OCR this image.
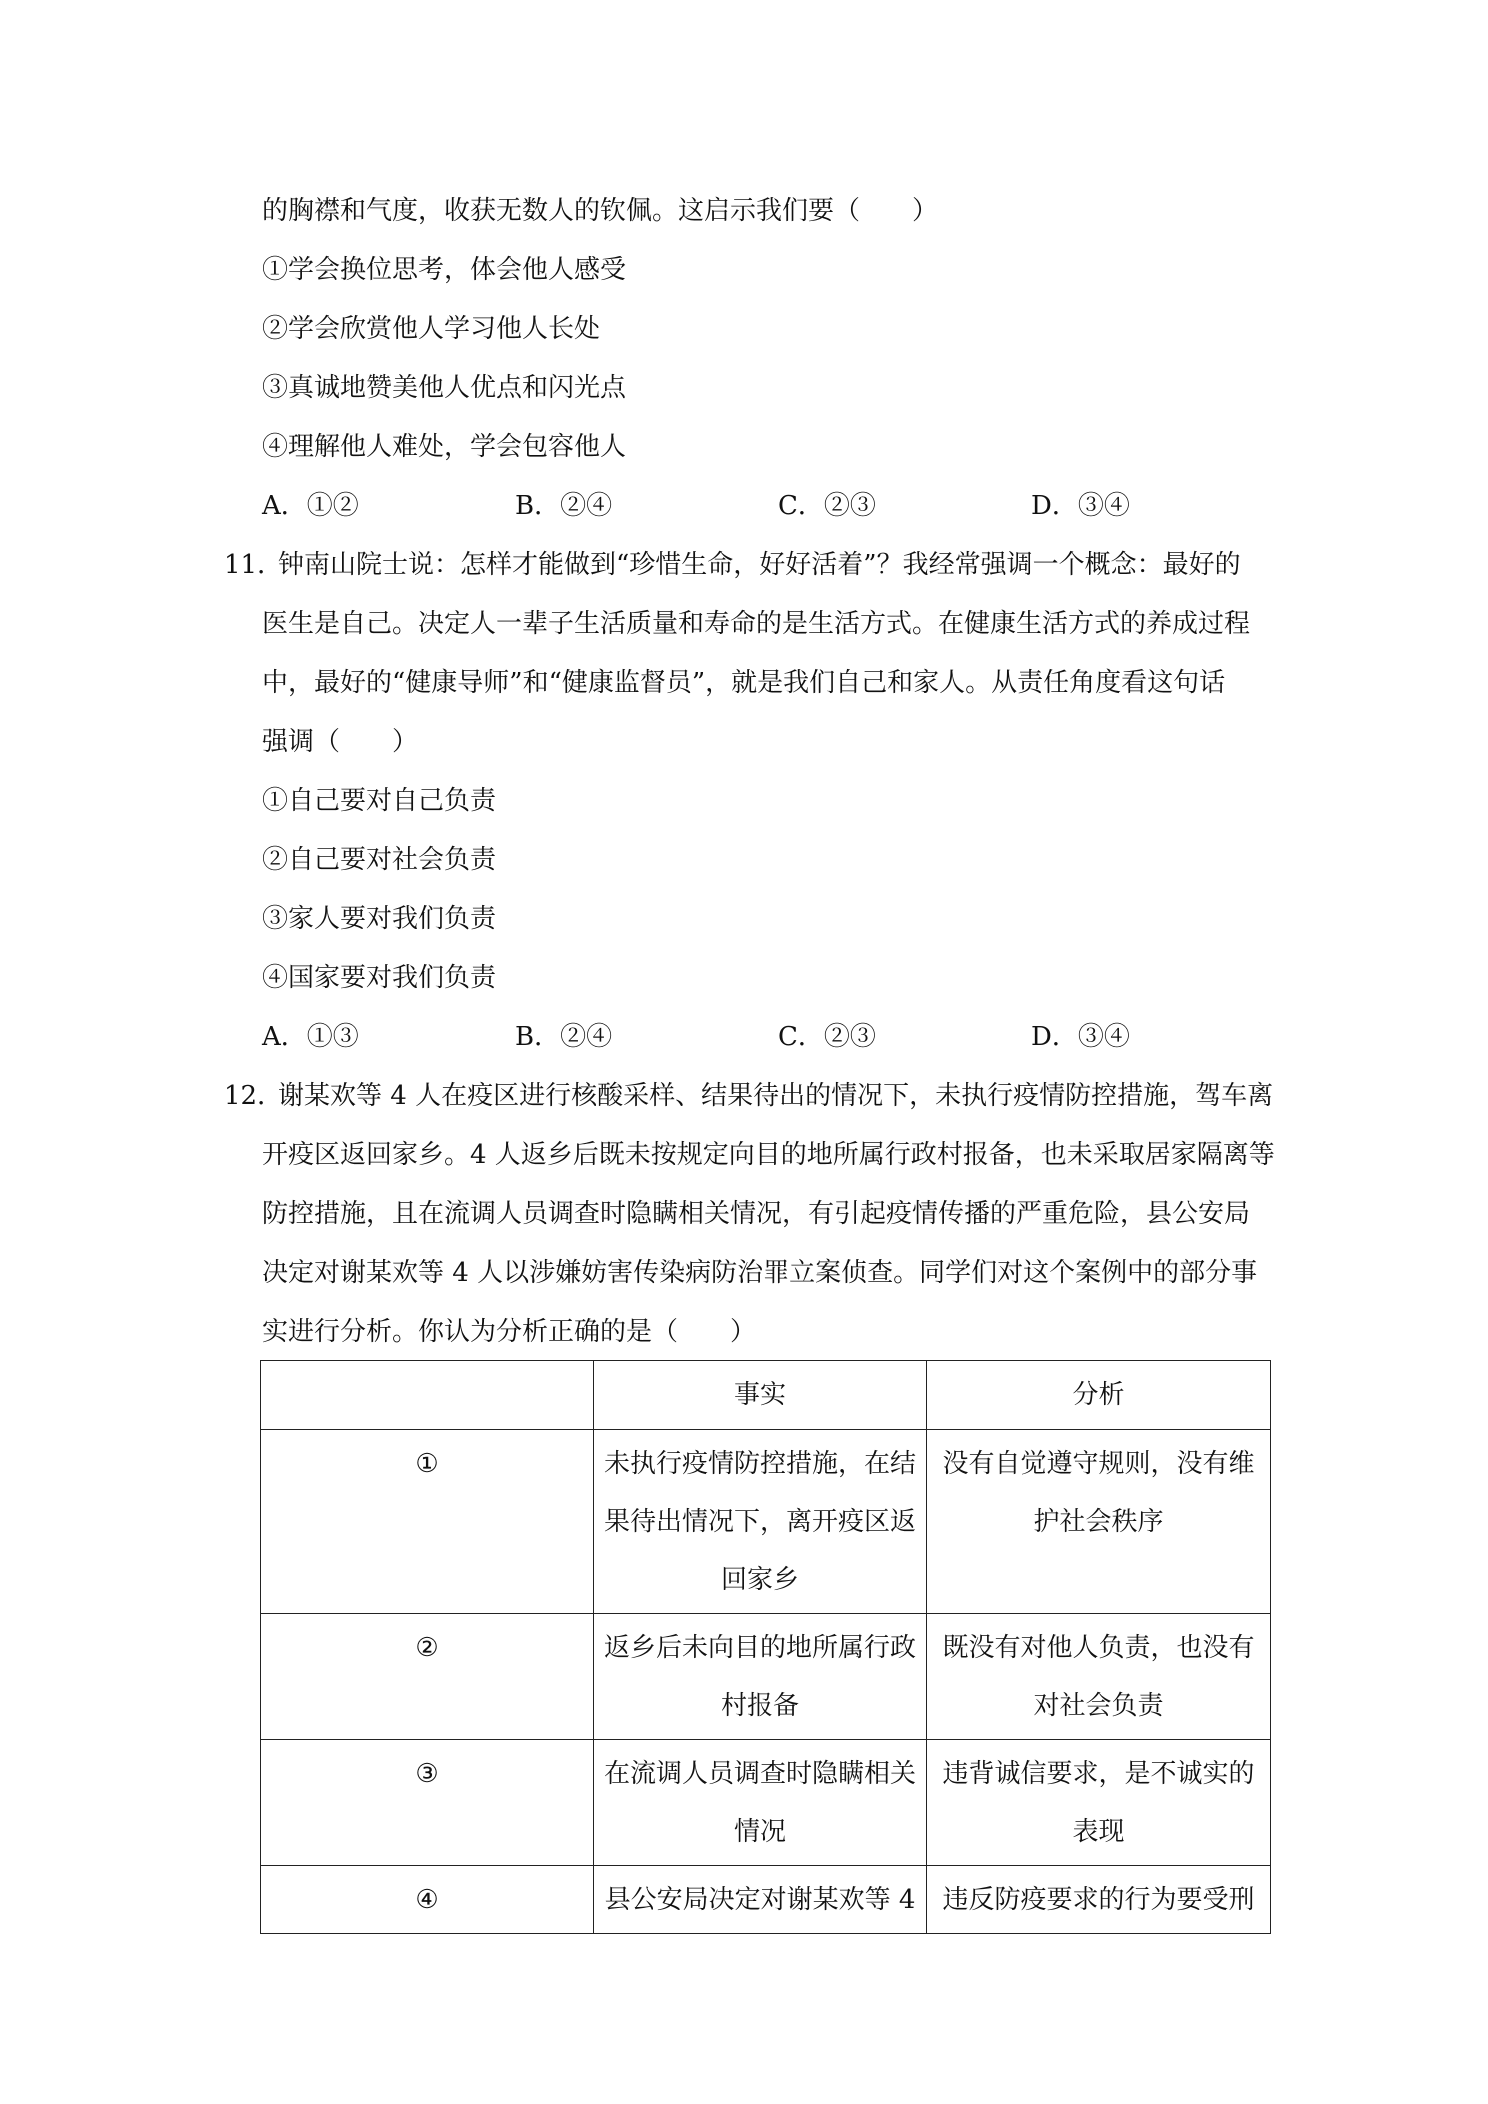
的胸襟和气度，收获无数人的钦佩。这启示我们要（　　）
①学会换位思考，体会他人感受
②学会欣赏他人学习他人长处
③真诚地赞美他人优点和闪光点
④理解他人难处，学会包容他人
A．①②	B．②④	C．②③	D．③④
11．
钟南山院士说：怎样才能做到“珍惜生命，好好活着”？我经常强调一个概念：最好的
医生是自己。决定人一辈子生活质量和寿命的是生活方式。在健康生活方式的养成过程
中，最好的“健康导师”和“健康监督员”，就是我们自己和家人。从责任角度看这句话
强调（　　）
①自己要对自己负责
②自己要对社会负责
③家人要对我们负责
④国家要对我们负责
A．①③	B．②④	C．②③	D．③④
12．
谢某欢等 4 人在疫区进行核酸采样、结果待出的情况下，未执行疫情防控措施，驾车离
开疫区返回家乡。4 人返乡后既未按规定向目的地所属行政村报备，也未采取居家隔离等
防控措施，且在流调人员调查时隐瞒相关情况，有引起疫情传播的严重危险，县公安局
决定对谢某欢等 4 人以涉嫌妨害传染病防治罪立案侦查。同学们对这个案例中的部分事
实进行分析。你认为分析正确的是（　　）
	事实	分析
①	未执行疫情防控措施，在结果待出情况下，离开疫区返回家乡	没有自觉遵守规则，没有维护社会秩序
②	返乡后未向目的地所属行政村报备	既没有对他人负责，也没有对社会负责
③	在流调人员调查时隐瞒相关情况	违背诚信要求，是不诚实的表现
④	县公安局决定对谢某欢等 4	违反防疫要求的行为要受刑
